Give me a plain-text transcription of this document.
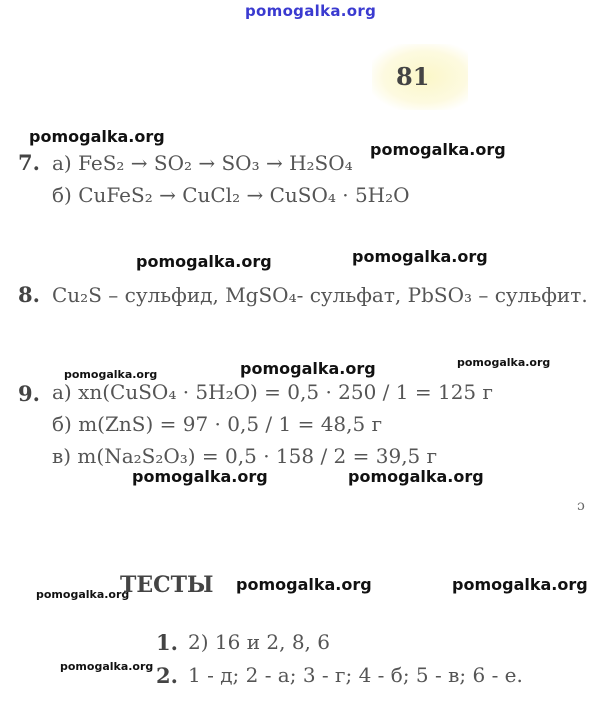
pomogalka.org
81
7. а) FeS₂ → SO₂ → SO₃ → H₂SO₄
б) CuFeS₂ → CuCl₂ → CuSO₄ · 5H₂O
8. Cu₂S – сульфид, MgSO₄- сульфат, PbSO₃ – сульфит.
9. а) xn(CuSO₄ · 5H₂O) = 0,5 · 250 / 1 = 125 г
б) m(ZnS) = 97 · 0,5 / 1 = 48,5 г
в) m(Na₂S₂O₃) = 0,5 · 158 / 2 = 39,5 г
ɔ
ТЕСТЫ
1. 2) 16 и 2, 8, 6
2. 1 - д; 2 - а; 3 - г; 4 - б; 5 - в; 6 - е.
pomogalka.org
pomogalka.org
pomogalka.org	pomogalka.org
pomogalka.org	pomogalka.org	pomogalka.org
pomogalka.org	pomogalka.org
pomogalka.org
pomogalka.org	pomogalka.org
pomogalka.org
